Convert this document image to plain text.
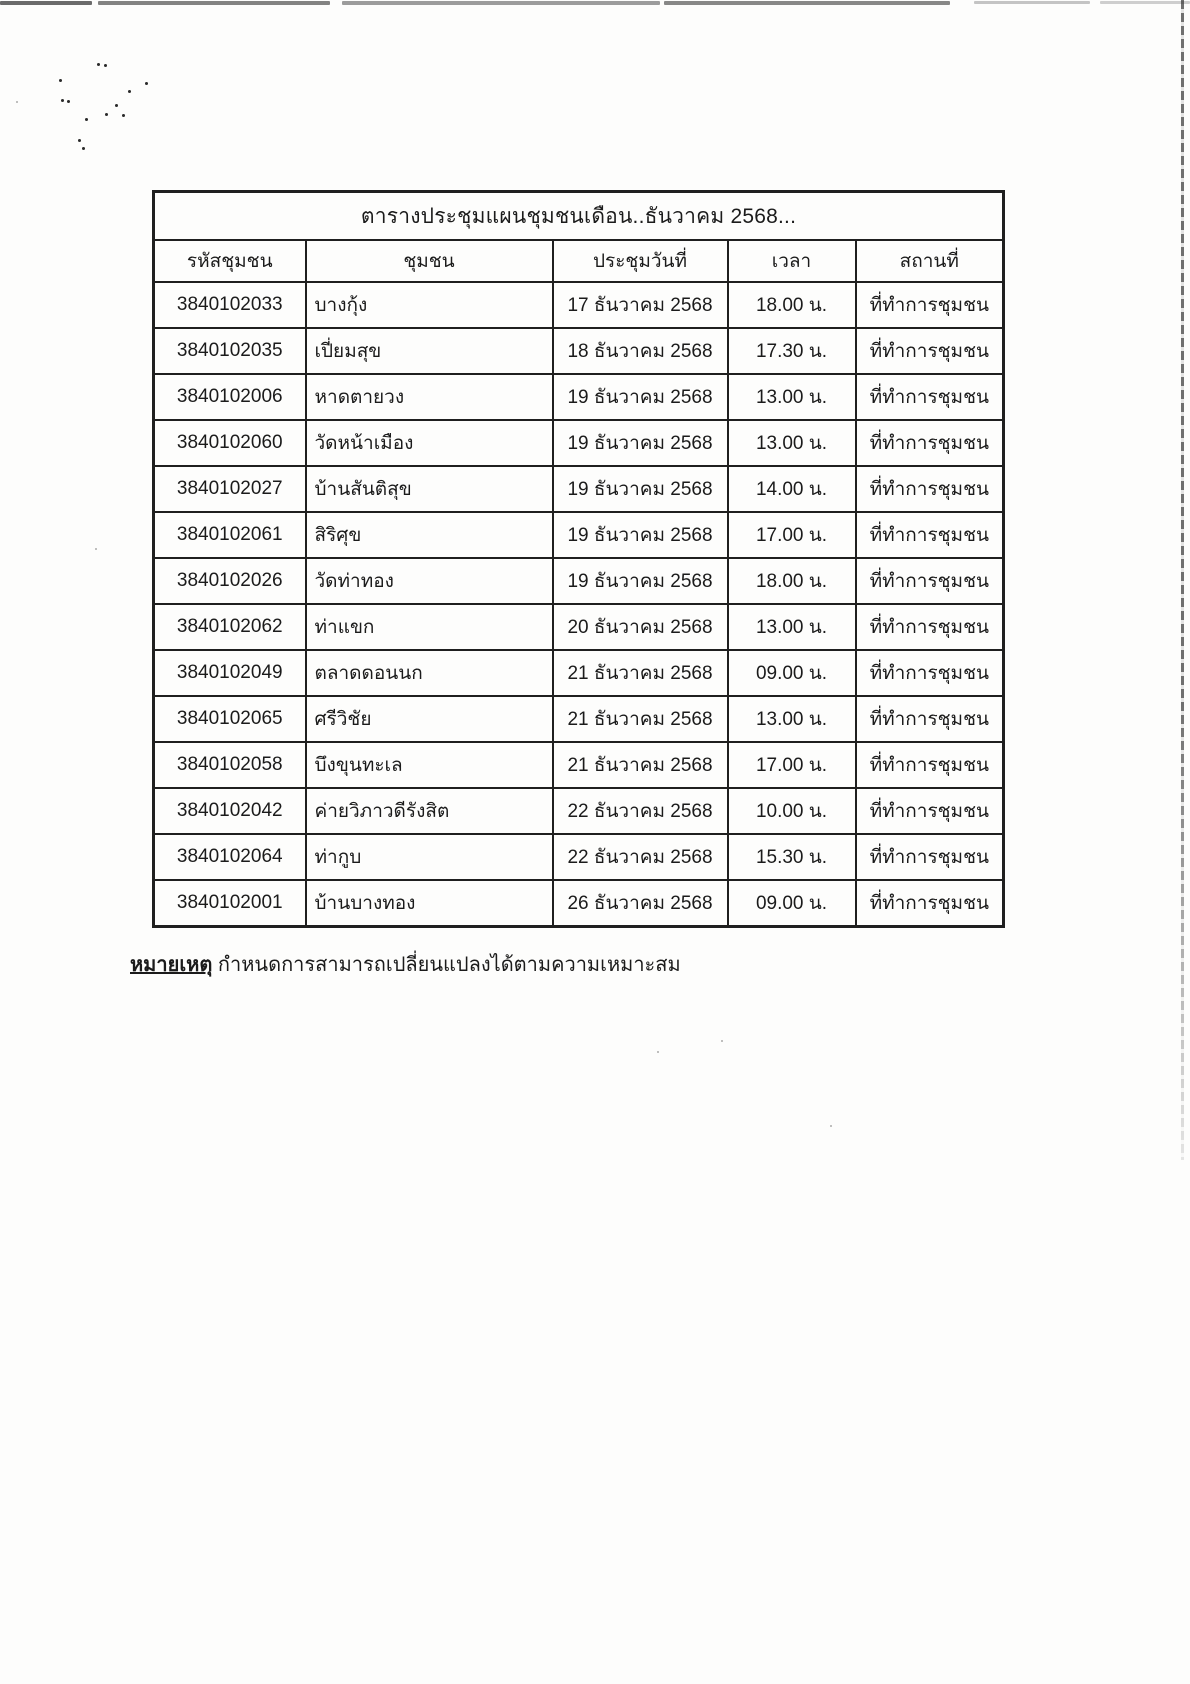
ตารางประชุมแผนชุมชนเดือน..ธันวาคม 2568...				
รหัสชุมชน	ชุมชน	ประชุมวันที่	เวลา	สถานที่
3840102033	บางกุ้ง	17 ธันวาคม 2568	18.00 น.	ที่ทำการชุมชน
3840102035	เปี่ยมสุข	18 ธันวาคม 2568	17.30 น.	ที่ทำการชุมชน
3840102006	หาดตายวง	19 ธันวาคม 2568	13.00 น.	ที่ทำการชุมชน
3840102060	วัดหน้าเมือง	19 ธันวาคม 2568	13.00 น.	ที่ทำการชุมชน
3840102027	บ้านสันติสุข	19 ธันวาคม 2568	14.00 น.	ที่ทำการชุมชน
3840102061	สิริศุข	19 ธันวาคม 2568	17.00 น.	ที่ทำการชุมชน
3840102026	วัดท่าทอง	19 ธันวาคม 2568	18.00 น.	ที่ทำการชุมชน
3840102062	ท่าแขก	20 ธันวาคม 2568	13.00 น.	ที่ทำการชุมชน
3840102049	ตลาดดอนนก	21 ธันวาคม 2568	09.00 น.	ที่ทำการชุมชน
3840102065	ศรีวิชัย	21 ธันวาคม 2568	13.00 น.	ที่ทำการชุมชน
3840102058	บึงขุนทะเล	21 ธันวาคม 2568	17.00 น.	ที่ทำการชุมชน
3840102042	ค่ายวิภาวดีรังสิต	22 ธันวาคม 2568	10.00 น.	ที่ทำการชุมชน
3840102064	ท่ากูบ	22 ธันวาคม 2568	15.30 น.	ที่ทำการชุมชน
3840102001	บ้านบางทอง	26 ธันวาคม 2568	09.00 น.	ที่ทำการชุมชน
หมายเหตุ กำหนดการสามารถเปลี่ยนแปลงได้ตามความเหมาะสม
